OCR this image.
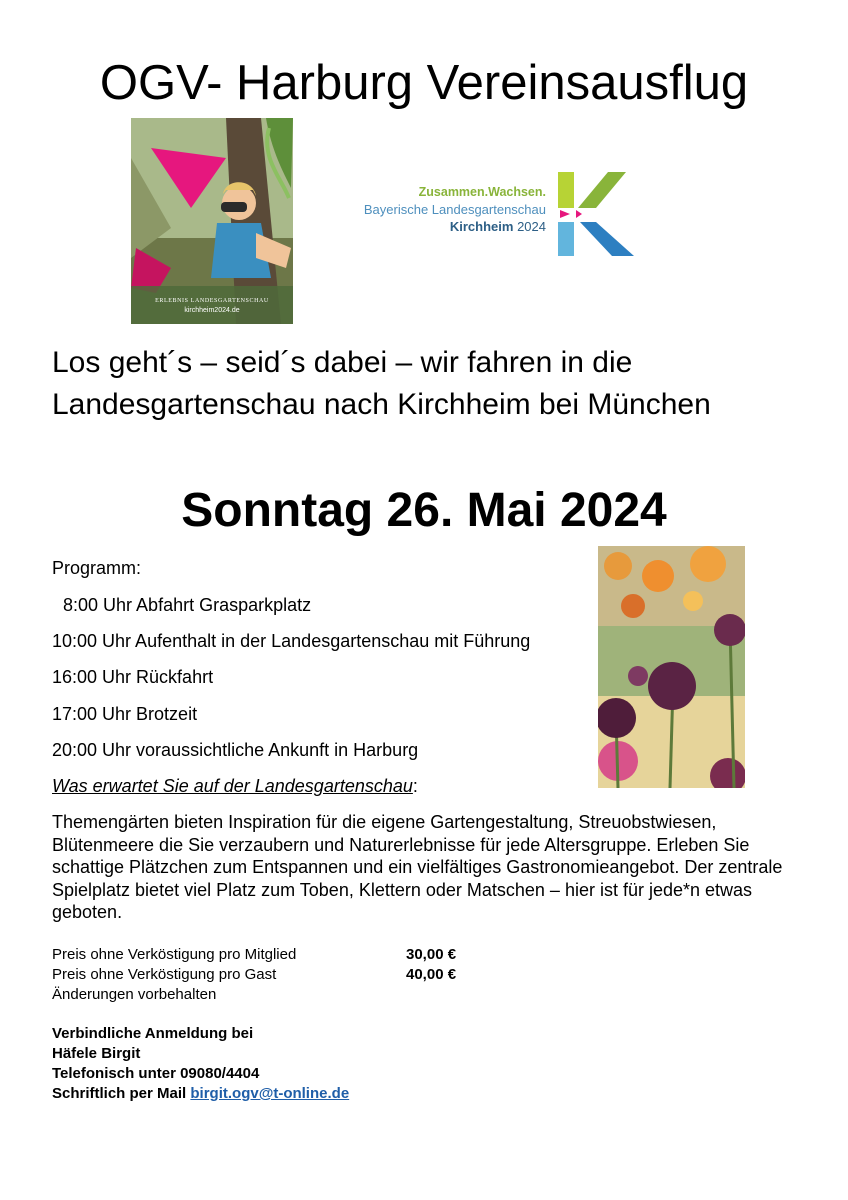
OGV- Harburg Vereinsausflug
ERLEBNIS LANDESGARTENSCHAU
kirchheim2024.de
Zusammen.Wachsen.
Bayerische Landesgartenschau
Kirchheim 2024
Los geht´s – seid´s dabei – wir fahren in die Landesgartenschau nach Kirchheim bei München
Sonntag 26. Mai 2024
Programm:
8:00 Uhr Abfahrt Grasparkplatz
10:00 Uhr Aufenthalt in der Landesgartenschau mit Führung
16:00 Uhr Rückfahrt
17:00 Uhr Brotzeit
20:00 Uhr voraussichtliche Ankunft in Harburg
Was erwartet Sie auf der Landesgartenschau:
Themengärten bieten Inspiration für die eigene Gartengestaltung, Streuobstwiesen, Blütenmeere die Sie verzaubern und Naturerlebnisse für jede Altersgruppe. Erleben Sie schattige Plätzchen zum Entspannen und ein vielfältiges Gastronomieangebot. Der zentrale Spielplatz bietet viel Platz zum Toben, Klettern oder Matschen – hier ist für jede*n etwas geboten.
Preis ohne Verköstigung pro Mitglied	30,00 €
Preis ohne Verköstigung pro Gast	40,00 €
Änderungen vorbehalten
Verbindliche Anmeldung bei
Häfele Birgit
Telefonisch unter 09080/4404
Schriftlich per Mail birgit.ogv@t-online.de
